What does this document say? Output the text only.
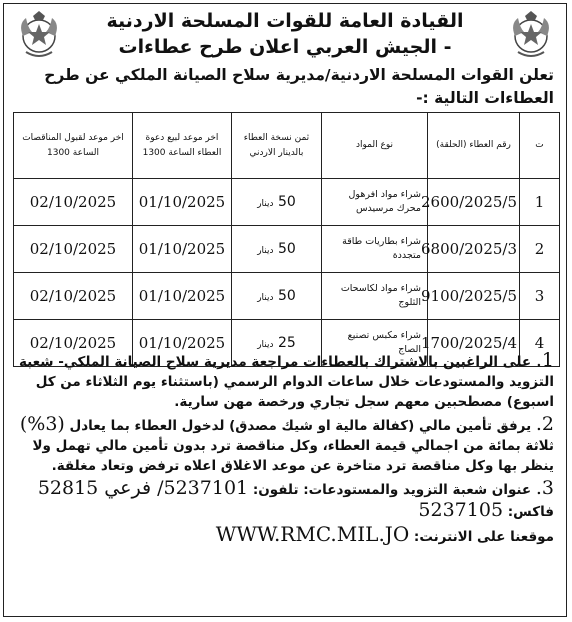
القيادة العامة للقوات المسلحة الاردنية
- الجيش العربي اعلان طرح عطاءات
تعلن القوات المسلحة الاردنية/مديرية سلاح الصيانة الملكي عن طرح العطاءات التالية :-
ت	رقم العطاء (الحلقة)	نوع المواد	ثمن نسخة العطاء بالدينار الاردني	اخر موعد لبيع دعوة العطاء الساعة 1300	اخر موعد لقبول المناقصات الساعة 1300
1	2600/2025/5	شراء مواد افرهول محرك مرسيدس	50 دينار	01/10/2025	02/10/2025
2	6800/2025/3	شراء بطاريات طاقة متجددة	50 دينار	01/10/2025	02/10/2025
3	9100/2025/5	شراء مواد لكاسحات الثلوج	50 دينار	01/10/2025	02/10/2025
4	1700/2025/4	شراء مكبس تصنيع الصاج	25 دينار	01/10/2025	02/10/2025

1. على الراغبين بالاشتراك بالعطاءات مراجعة مديرية سلاح الصيانة الملكي- شعبة التزويد والمستودعات خلال ساعات الدوام الرسمي (باستثناء يوم الثلاثاء من كل اسبوع) مصطحبين معهم سجل تجاري ورخصة مهن سارية.

2. يرفق تأمين مالي (كفالة مالية او شيك مصدق) لدخول العطاء بما يعادل (3%) ثلاثة بمائة من اجمالي قيمة العطاء، وكل مناقصة ترد بدون تأمين مالي تهمل ولا ينظر بها وكل مناقصة ترد متاخرة عن موعد الاغلاق اعلاه ترفض وتعاد مغلقة.

3. عنوان شعبة التزويد والمستودعات: تلفون: 5237101/ فرعي 52815 فاكس: 5237105

موقعنا على الانترنت: WWW.RMC.MIL.JO
